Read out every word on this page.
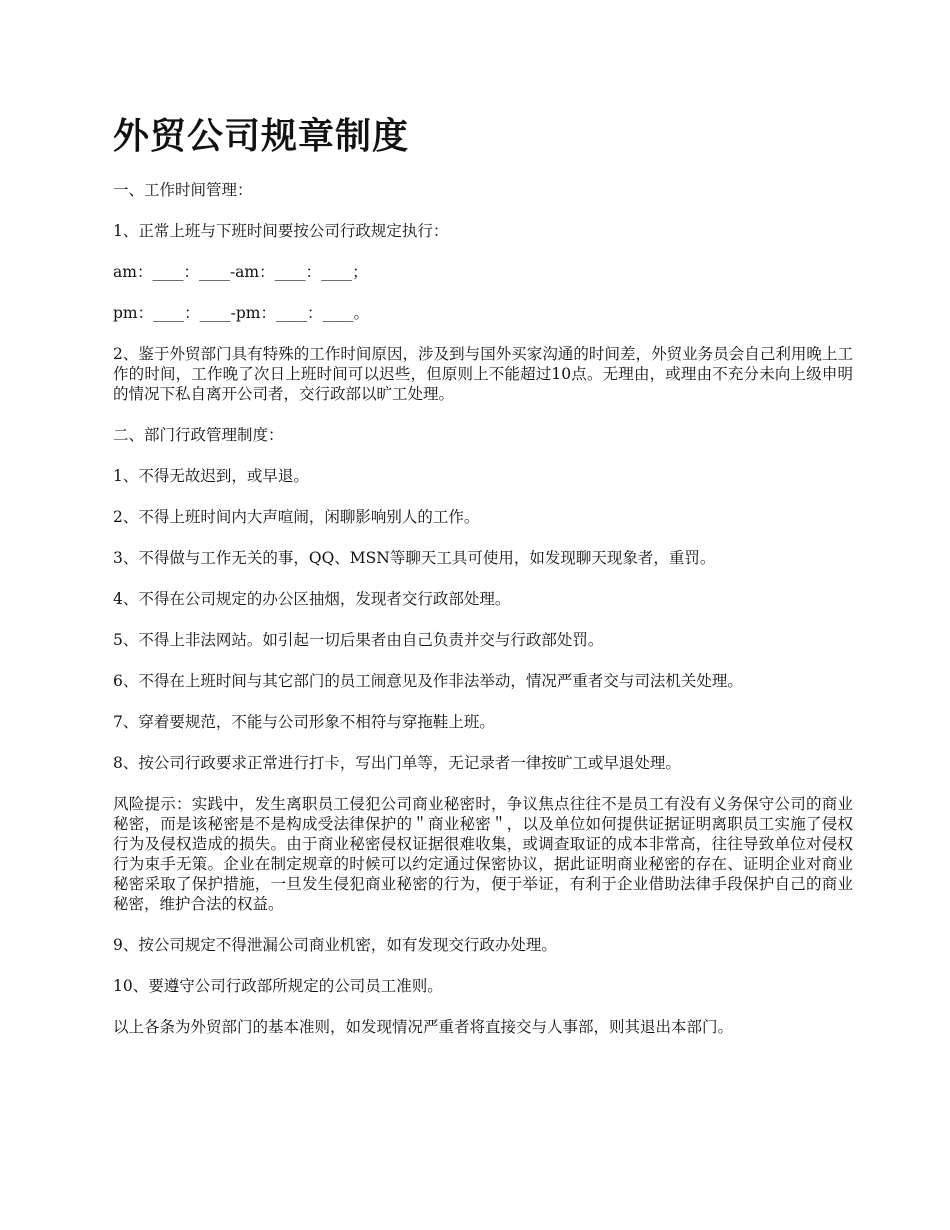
外贸公司规章制度

一、工作时间管理：

1、正常上班与下班时间要按公司行政规定执行：

am：____：____-am：____：____；

pm：____：____-pm：____：____。

2、鉴于外贸部门具有特殊的工作时间原因，涉及到与国外买家沟通的时间差，外贸业务员会自己利用晚上工作的时间，工作晚了次日上班时间可以迟些，但原则上不能超过10点。无理由，或理由不充分未向上级申明的情况下私自离开公司者，交行政部以旷工处理。

二、部门行政管理制度：

1、不得无故迟到，或早退。

2、不得上班时间内大声喧闹，闲聊影响别人的工作。

3、不得做与工作无关的事，QQ、MSN等聊天工具可使用，如发现聊天现象者，重罚。

4、不得在公司规定的办公区抽烟，发现者交行政部处理。

5、不得上非法网站。如引起一切后果者由自己负责并交与行政部处罚。

6、不得在上班时间与其它部门的员工闹意见及作非法举动，情况严重者交与司法机关处理。

7、穿着要规范，不能与公司形象不相符与穿拖鞋上班。

8、按公司行政要求正常进行打卡，写出门单等，无记录者一律按旷工或早退处理。

风险提示：实践中，发生离职员工侵犯公司商业秘密时，争议焦点往往不是员工有没有义务保守公司的商业秘密，而是该秘密是不是构成受法律保护的＂商业秘密＂，以及单位如何提供证据证明离职员工实施了侵权行为及侵权造成的损失。由于商业秘密侵权证据很难收集，或调查取证的成本非常高，往往导致单位对侵权行为束手无策。企业在制定规章的时候可以约定通过保密协议，据此证明商业秘密的存在、证明企业对商业秘密采取了保护措施，一旦发生侵犯商业秘密的行为，便于举证，有利于企业借助法律手段保护自己的商业秘密，维护合法的权益。

9、按公司规定不得泄漏公司商业机密，如有发现交行政办处理。

10、要遵守公司行政部所规定的公司员工准则。

以上各条为外贸部门的基本准则，如发现情况严重者将直接交与人事部，则其退出本部门。
